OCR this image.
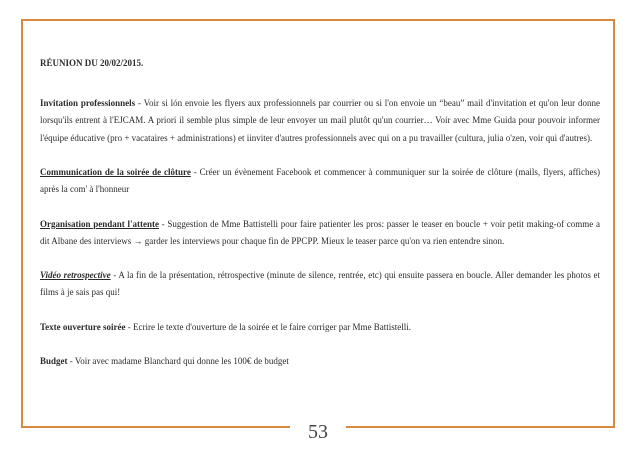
RÉUNION DU 20/02/2015.

Invitation professionnels - Voir si lón envoie les flyers aux professionnels par courrier ou si l'on envoie un “beau” mail d'invitation et qu'on leur donne lorsqu'ils entrent à l'EJCAM. A priori il semble plus simple de leur envoyer un mail plutôt qu'un courrier… Voir avec Mme Guida pour pouvoir informer l'équipe éducative (pro + vacataires + administrations) et iinviter d'autres professionnels avec qui on a pu travailler (cultura, julia o'zen, voir qui d'autres).

Communication de la soirée de clôture - Créer un évènement Facebook et commencer à communiquer sur la soirée de clôture (mails, flyers, affiches) après la com' à l'honneur

Organisation pendant l'attente - Suggestion de Mme Battistelli pour faire patienter les pros: passer le teaser en boucle + voir petit making-of comme a dit Albane des interviews → garder les interviews pour chaque fin de PPCPP. Mieux le teaser parce qu'on va rien entendre sinon.

Vidéo retrospective - A la fin de la présentation, rétrospective (minute de silence, rentrée, etc) qui ensuite passera en boucle. Aller demander les photos et films à je sais pas qui!

Texte ouverture soirée - Ecrire le texte d'ouverture de la soirée et le faire corriger par Mme Battistelli.

Budget - Voir avec madame Blanchard qui donne les 100€ de budget

53
